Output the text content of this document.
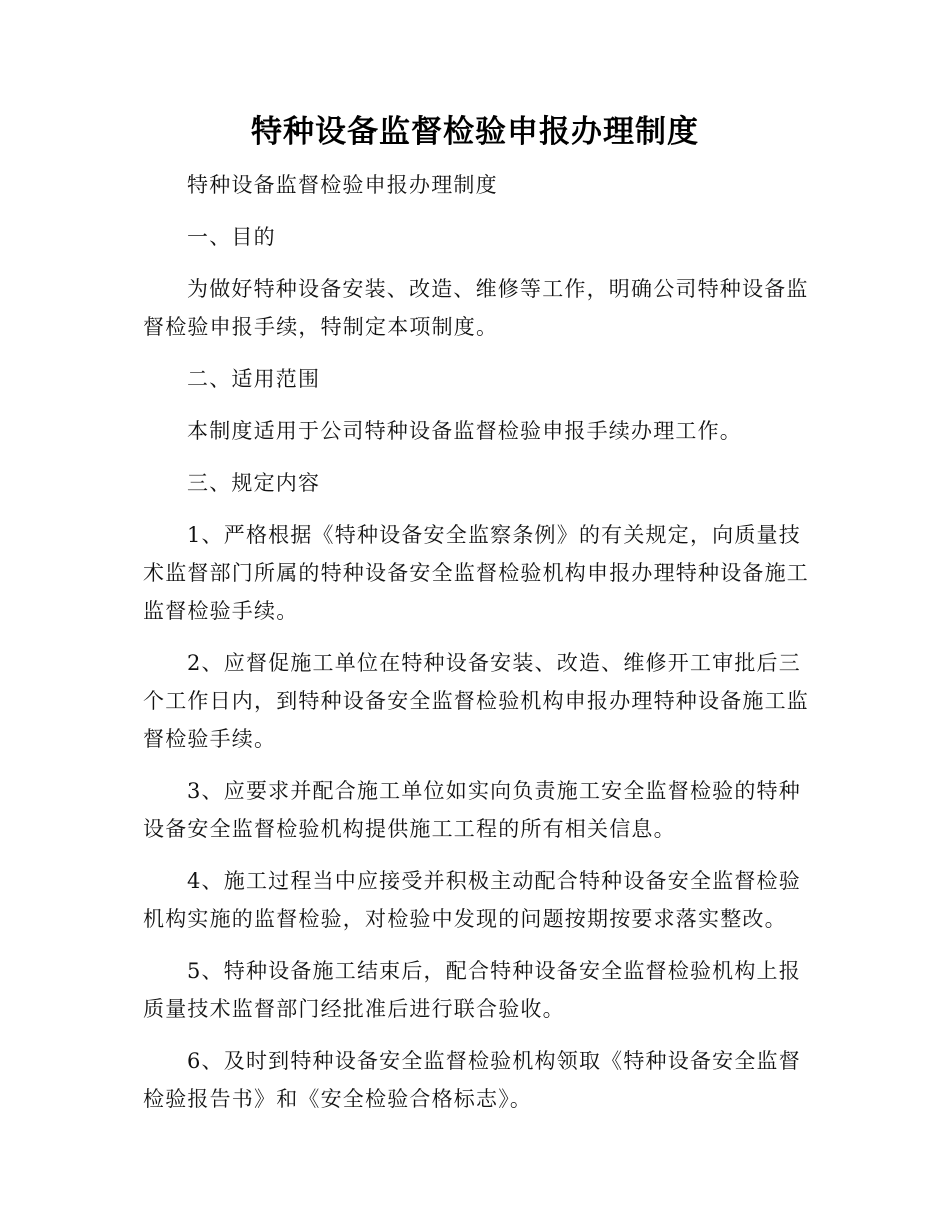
特种设备监督检验申报办理制度

特种设备监督检验申报办理制度

一、目的

为做好特种设备安装、改造、维修等工作，明确公司特种设备监督检验申报手续，特制定本项制度。

二、适用范围

本制度适用于公司特种设备监督检验申报手续办理工作。

三、规定内容

1、严格根据《特种设备安全监察条例》的有关规定，向质量技术监督部门所属的特种设备安全监督检验机构申报办理特种设备施工监督检验手续。

2、应督促施工单位在特种设备安装、改造、维修开工审批后三个工作日内，到特种设备安全监督检验机构申报办理特种设备施工监督检验手续。

3、应要求并配合施工单位如实向负责施工安全监督检验的特种设备安全监督检验机构提供施工工程的所有相关信息。

4、施工过程当中应接受并积极主动配合特种设备安全监督检验机构实施的监督检验，对检验中发现的问题按期按要求落实整改。

5、特种设备施工结束后，配合特种设备安全监督检验机构上报质量技术监督部门经批准后进行联合验收。

6、及时到特种设备安全监督检验机构领取《特种设备安全监督检验报告书》和《安全检验合格标志》。
